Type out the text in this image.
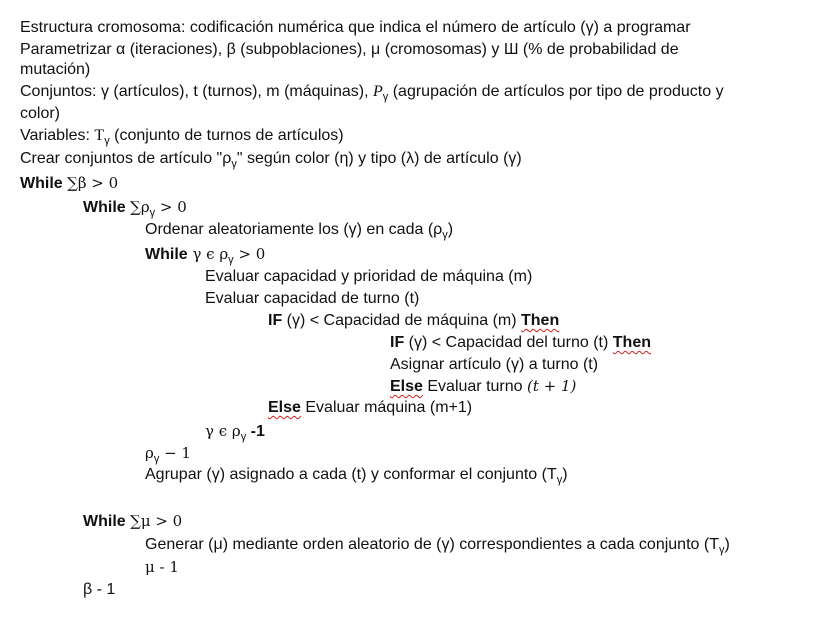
Estructura cromosoma: codificación numérica que indica el número de artículo (γ) a programar
Parametrizar α (iteraciones), β (subpoblaciones), μ (cromosomas) y Ш (% de probabilidad de
mutación)
Conjuntos: γ (artículos), t (turnos), m (máquinas), $P_\gamma$ (agrupación de artículos por tipo de producto y
color)
Variables: $T_\gamma$ (conjunto de turnos de artículos)
Crear conjuntos de artículo "$\rho_\gamma$" según color (η) y tipo (λ) de artículo (γ)
While ∑β > 0
While $\sum\rho_\gamma > 0$
Ordenar aleatoriamente los (γ) en cada $(\rho_\gamma)$
While γ ϵ $\rho_\gamma > 0$
Evaluar capacidad y prioridad de máquina (m)
Evaluar capacidad de turno (t)
IF (γ) < Capacidad de máquina (m) Then
IF (γ) < Capacidad del turno (t) Then
Asignar artículo (γ) a turno (t)
Else Evaluar turno (t + 1)
Else Evaluar máquina (m+1)
γ ϵ $\rho_\gamma$ -1
$\rho_\gamma - 1$
Agrupar (γ) asignado a cada (t) y conformar el conjunto $(T_\gamma)$
While ∑μ > 0
Generar (μ) mediante orden aleatorio de (γ) correspondientes a cada conjunto $(T_\gamma)$
μ - 1
β - 1
